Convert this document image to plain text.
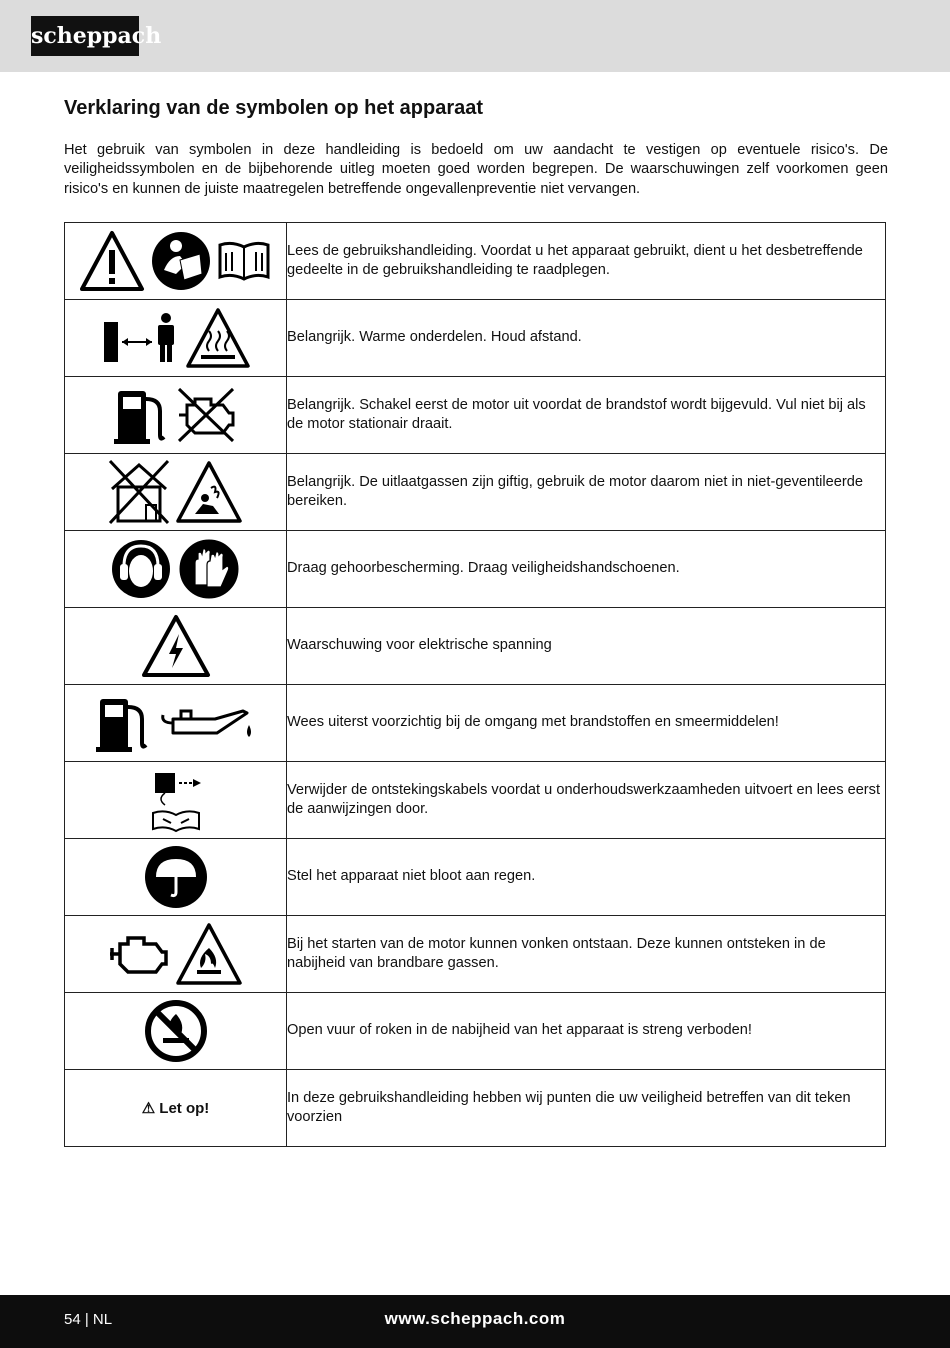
scheppach
Verklaring van de symbolen op het apparaat

Het gebruik van symbolen in deze handleiding is bedoeld om uw aandacht te vestigen op eventuele risico's. De veiligheidssymbolen en de bijbehorende uitleg moeten goed worden begrepen. De waarschuwingen zelf voorkomen geen risico's en kunnen de juiste maatregelen betreffende ongevallenpreventie niet vervangen.

	Lees de gebruikshandleiding. Voordat u het apparaat gebruikt, dient u het desbetreffende gedeelte in de gebruikshandleiding te raadplegen.
	Belangrijk. Warme onderdelen. Houd afstand.
	Belangrijk. Schakel eerst de motor uit voordat de brandstof wordt bijgevuld. Vul niet bij als de motor stationair draait.
	Belangrijk. De uitlaatgassen zijn giftig, gebruik de motor daarom niet in niet-geventileerde bereiken.
	Draag gehoorbescherming. Draag veiligheidshandschoenen.
	Waarschuwing voor elektrische spanning
	Wees uiterst voorzichtig bij de omgang met brandstoffen en smeermiddelen!
	Verwijder de ontstekingskabels voordat u onderhoudswerkzaamheden uitvoert en lees eerst de aanwijzingen door.
	Stel het apparaat niet bloot aan regen.
	Bij het starten van de motor kunnen vonken ontstaan. Deze kunnen ontsteken in de nabijheid van brandbare gassen.
	Open vuur of roken in de nabijheid van het apparaat is streng verboden!
⚠ Let op!	In deze gebruikshandleiding hebben wij punten die uw veiligheid betreffen van dit teken voorzien
54 | NL	www.scheppach.com
